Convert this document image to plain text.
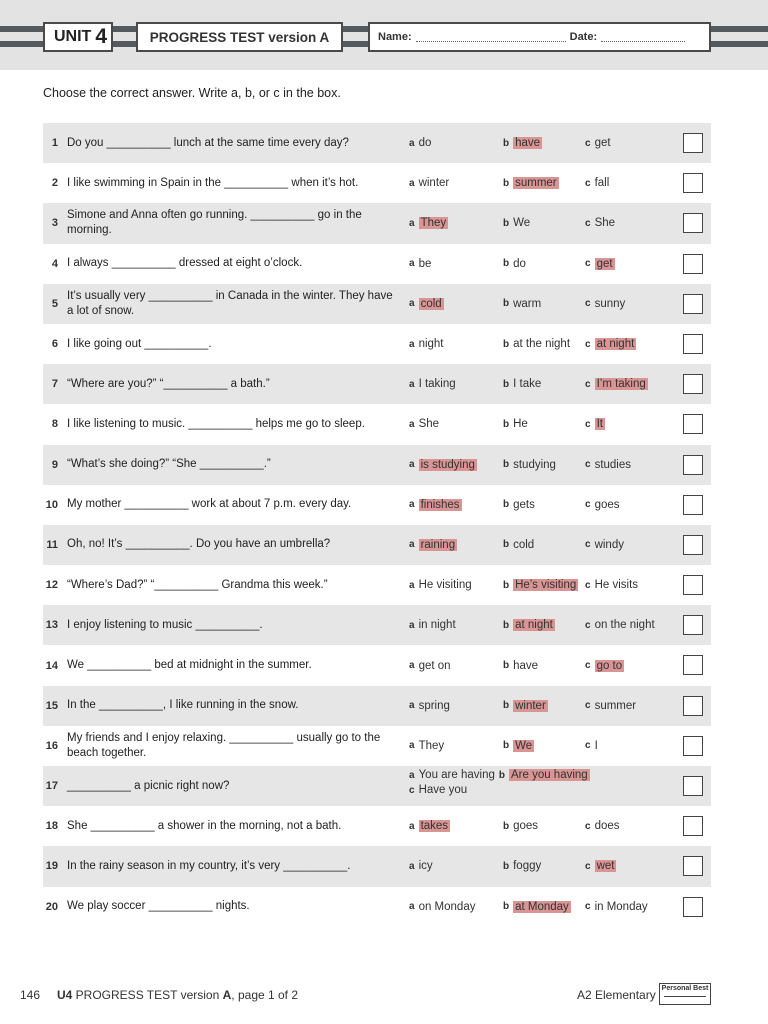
UNIT 4	PROGRESS TEST version A	Name:	Date:
Choose the correct answer. Write a, b, or c in the box.
1 Do you __________ lunch at the same time every day?	a do	b have	c get
2 I like swimming in Spain in the __________ when it’s hot.	a winter	b summer	c fall
3
Simone and Anna often go running. __________ go in the morning.
a They	b We	c She
4 I always __________ dressed at eight o’clock.	a be	b do	c get
5
It’s usually very __________ in Canada in the winter. They have a lot of snow.
a cold	b warm	c sunny
6 I like going out __________.	a night	b at the night c at night
7 “Where are you?” “__________ a bath.”	a I taking	b I take	c I’m taking
8 I like listening to music. __________ helps me go to sleep.	a She	b He	c It
9 “What’s she doing?” “She __________.”	a is studying	b studying	c studies
10 My mother __________ work at about 7 p.m. every day.	a finishes	b gets	c goes
11 Oh, no! It’s __________. Do you have an umbrella?	a raining	b cold	c windy
12 “Where’s Dad?” “__________ Grandma this week.”	a He visiting	b He’s visiting c He visits
13 I enjoy listening to music __________.	a in night	b at night	c on the night
14 We __________ bed at midnight in the summer.	a get on	b have	c go to
15 In the __________, I like running in the snow.	a spring	b winter	c summer
16
My friends and I enjoy relaxing. __________ usually go to the beach together.
a They	b We	c I
17 __________ a picnic right now?
a You are having b Are you having
c Have you
18 She __________ a shower in the morning, not a bath.	a takes	b goes	c does
19 In the rainy season in my country, it’s very __________.	a icy	b foggy	c wet
20 We play soccer __________ nights.	a on Monday	b at Monday c in Monday
146 U4 PROGRESS TEST version A, page 1 of 2	A2 Elementary Personal Best
